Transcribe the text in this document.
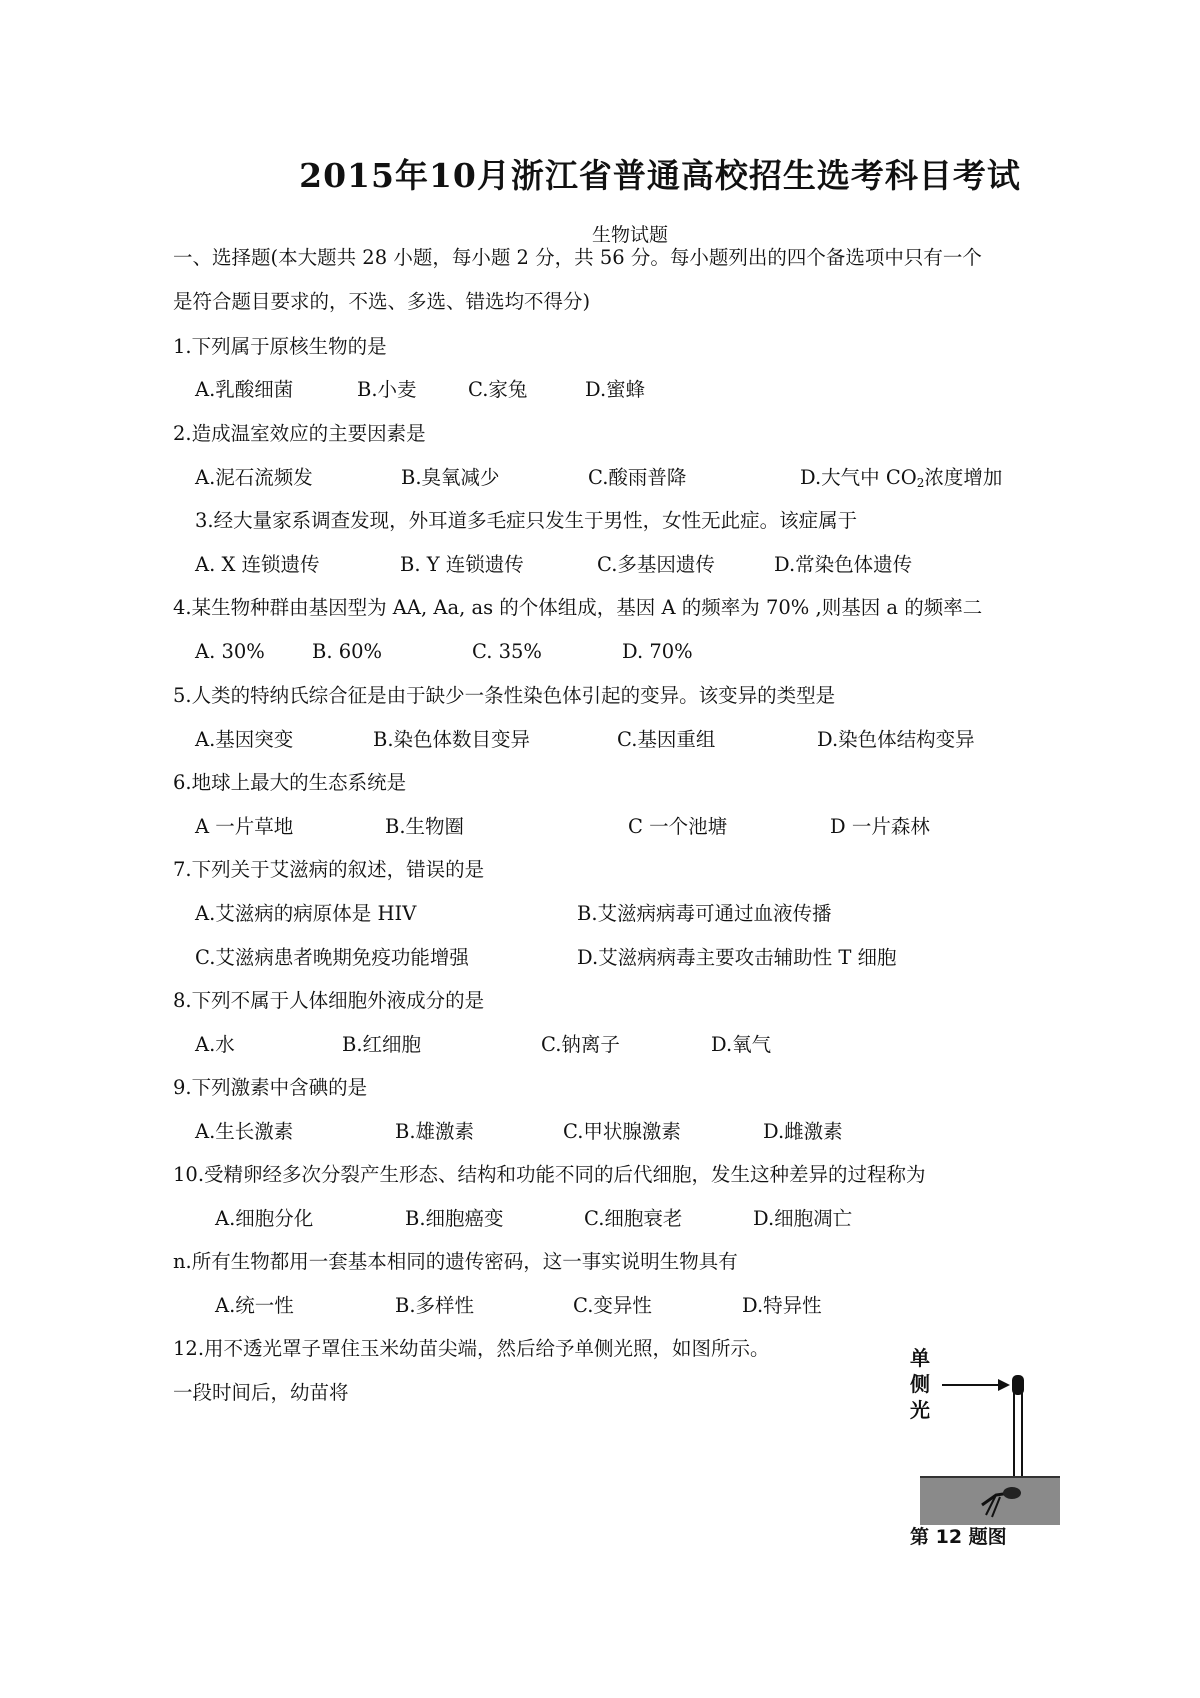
2015年10月浙江省普通高校招生选考科目考试
生物试题
一、选择题(本大题共 28 小题，每小题 2 分，共 56 分。每小题列出的四个备选项中只有一个
是符合题目要求的，不选、多选、错选均不得分)
1.下列属于原核生物的是
A.乳酸细菌	B.小麦	C.家兔	D.蜜蜂
2.造成温室效应的主要因素是
A.泥石流频发	B.臭氧减少	C.酸雨普降	D.大气中 $CO_2$浓度增加
3.经大量家系调查发现，外耳道多毛症只发生于男性，女性无此症。该症属于
A. X 连锁遗传	B. Y 连锁遗传	C.多基因遗传	D.常染色体遗传
4.某生物种群由基因型为 AA, Aa, as 的个体组成，基因 A 的频率为 70% ,则基因 a 的频率二
A. 30% B. 60%	C. 35%	D. 70%
5.人类的特纳氏综合征是由于缺少一条性染色体引起的变异。该变异的类型是
A.基因突变	B.染色体数目变异	C.基因重组	D.染色体结构变异
6.地球上最大的生态系统是
A 一片草地	B.生物圈	C 一个池塘	D 一片森林
7.下列关于艾滋病的叙述，错误的是
A.艾滋病的病原体是 HIV	B.艾滋病病毒可通过血液传播
C.艾滋病患者晚期免疫功能增强	D.艾滋病病毒主要攻击辅助性 T 细胞
8.下列不属于人体细胞外液成分的是
A.水	B.红细胞	C.钠离子	D.氧气
9.下列激素中含碘的是
A.生长激素	B.雄激素	C.甲状腺激素	D.雌激素
10.受精卵经多次分裂产生形态、结构和功能不同的后代细胞，发生这种差异的过程称为
A.细胞分化	B.细胞癌变	C.细胞衰老	D.细胞凋亡
n.所有生物都用一套基本相同的遗传密码，这一事实说明生物具有
A.统一性	B.多样性	C.变异性	D.特异性
12.用不透光罩子罩住玉米幼苗尖端，然后给予单侧光照，如图所示。
一段时间后，幼苗将
单
侧
光
第 12 题图
